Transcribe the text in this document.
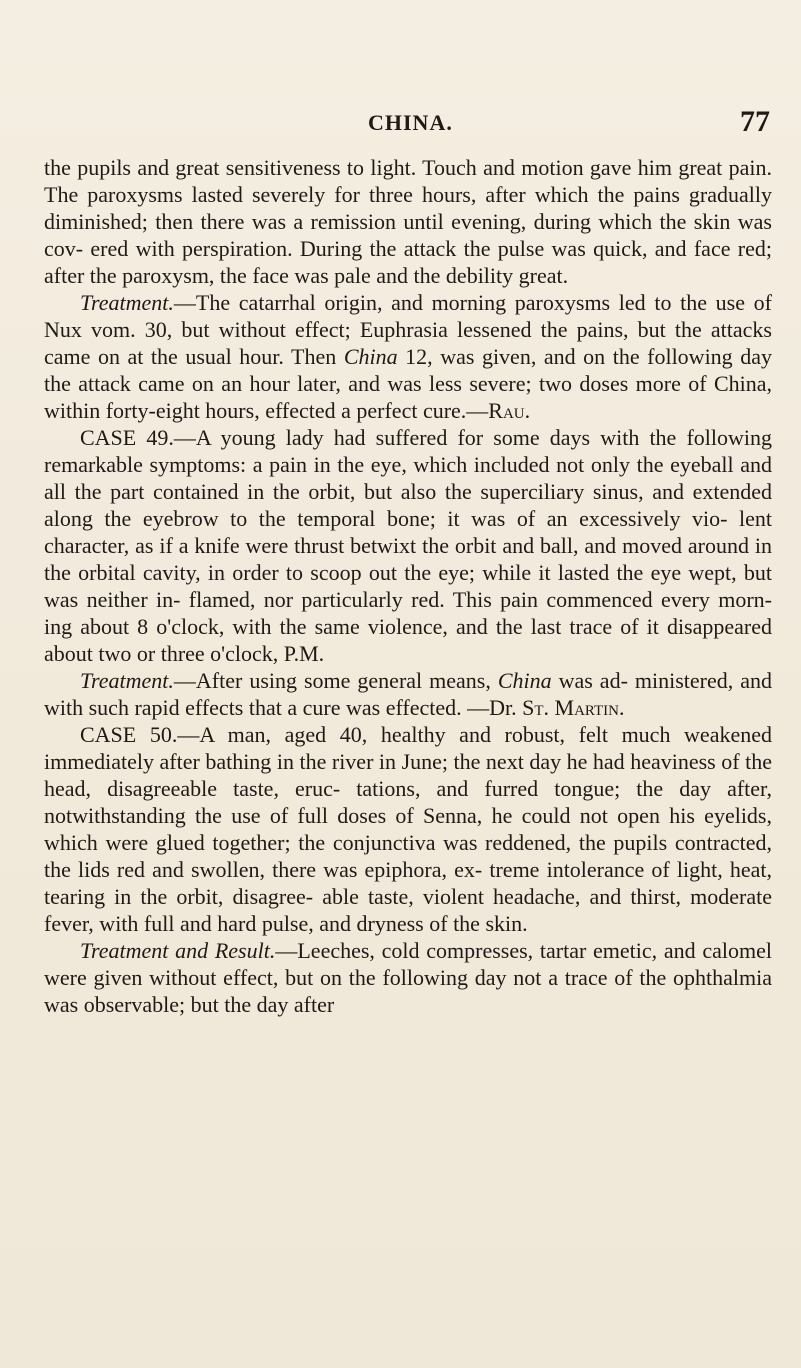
CHINA.	77

the pupils and great sensitiveness to light. Touch and motion gave him great pain. The paroxysms lasted severely for three hours, after which the pains gradually diminished; then there was a remission until evening, during which the skin was cov- ered with perspiration. During the attack the pulse was quick, and face red; after the paroxysm, the face was pale and the debility great.

Treatment.—The catarrhal origin, and morning paroxysms led to the use of Nux vom. 30, but without effect; Euphrasia lessened the pains, but the attacks came on at the usual hour. Then China 12, was given, and on the following day the attack came on an hour later, and was less severe; two doses more of China, within forty-eight hours, effected a perfect cure.—Rau.

CASE 49.—A young lady had suffered for some days with the following remarkable symptoms: a pain in the eye, which included not only the eyeball and all the part contained in the orbit, but also the superciliary sinus, and extended along the eyebrow to the temporal bone; it was of an excessively vio- lent character, as if a knife were thrust betwixt the orbit and ball, and moved around in the orbital cavity, in order to scoop out the eye; while it lasted the eye wept, but was neither in- flamed, nor particularly red. This pain commenced every morn- ing about 8 o'clock, with the same violence, and the last trace of it disappeared about two or three o'clock, P.M.

Treatment.—After using some general means, China was ad- ministered, and with such rapid effects that a cure was effected. —Dr. St. Martin.

CASE 50.—A man, aged 40, healthy and robust, felt much weakened immediately after bathing in the river in June; the next day he had heaviness of the head, disagreeable taste, eruc- tations, and furred tongue; the day after, notwithstanding the use of full doses of Senna, he could not open his eyelids, which were glued together; the conjunctiva was reddened, the pupils contracted, the lids red and swollen, there was epiphora, ex- treme intolerance of light, heat, tearing in the orbit, disagree- able taste, violent headache, and thirst, moderate fever, with full and hard pulse, and dryness of the skin.

Treatment and Result.—Leeches, cold compresses, tartar emetic, and calomel were given without effect, but on the following day not a trace of the ophthalmia was observable; but the day after
